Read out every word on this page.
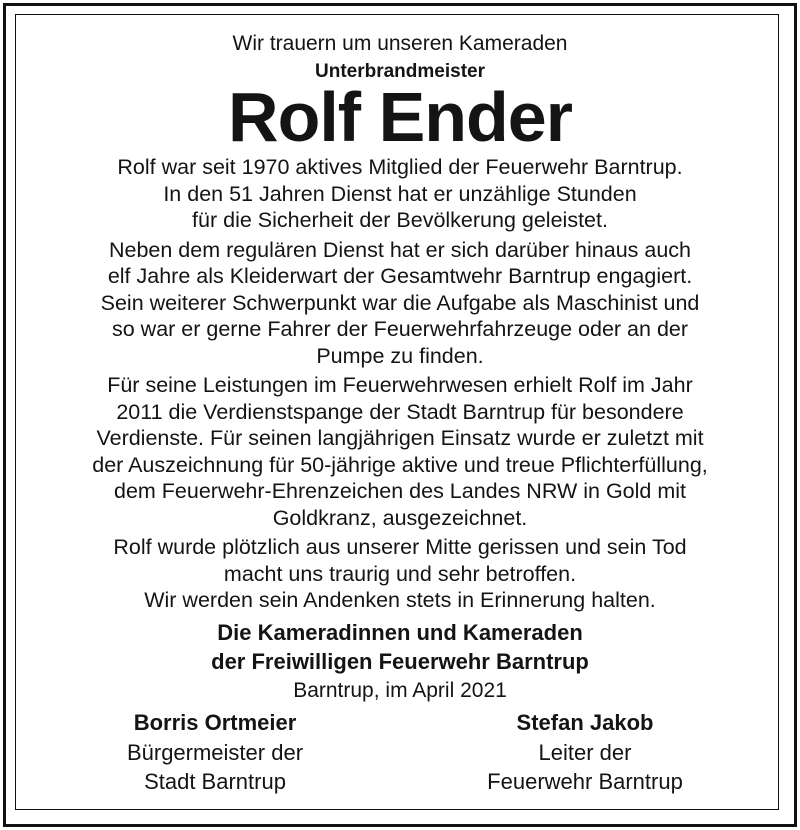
Wir trauern um unseren Kameraden
Unterbrandmeister
Rolf Ender
Rolf war seit 1970 aktives Mitglied der Feuerwehr Barntrup.
In den 51 Jahren Dienst hat er unzählige Stunden
für die Sicherheit der Bevölkerung geleistet.
Neben dem regulären Dienst hat er sich darüber hinaus auch
elf Jahre als Kleiderwart der Gesamtwehr Barntrup engagiert.
Sein weiterer Schwerpunkt war die Aufgabe als Maschinist und
so war er gerne Fahrer der Feuerwehrfahrzeuge oder an der
Pumpe zu finden.
Für seine Leistungen im Feuerwehrwesen erhielt Rolf im Jahr
2011 die Verdienstspange der Stadt Barntrup für besondere
Verdienste. Für seinen langjährigen Einsatz wurde er zuletzt mit
der Auszeichnung für 50-jährige aktive und treue Pflichterfüllung,
dem Feuerwehr-Ehrenzeichen des Landes NRW in Gold mit
Goldkranz, ausgezeichnet.
Rolf wurde plötzlich aus unserer Mitte gerissen und sein Tod
macht uns traurig und sehr betroffen.
Wir werden sein Andenken stets in Erinnerung halten.
Die Kameradinnen und Kameraden
der Freiwilligen Feuerwehr Barntrup
Barntrup, im April 2021
Borris Ortmeier
Bürgermeister der
Stadt Barntrup
Stefan Jakob
Leiter der
Feuerwehr Barntrup
